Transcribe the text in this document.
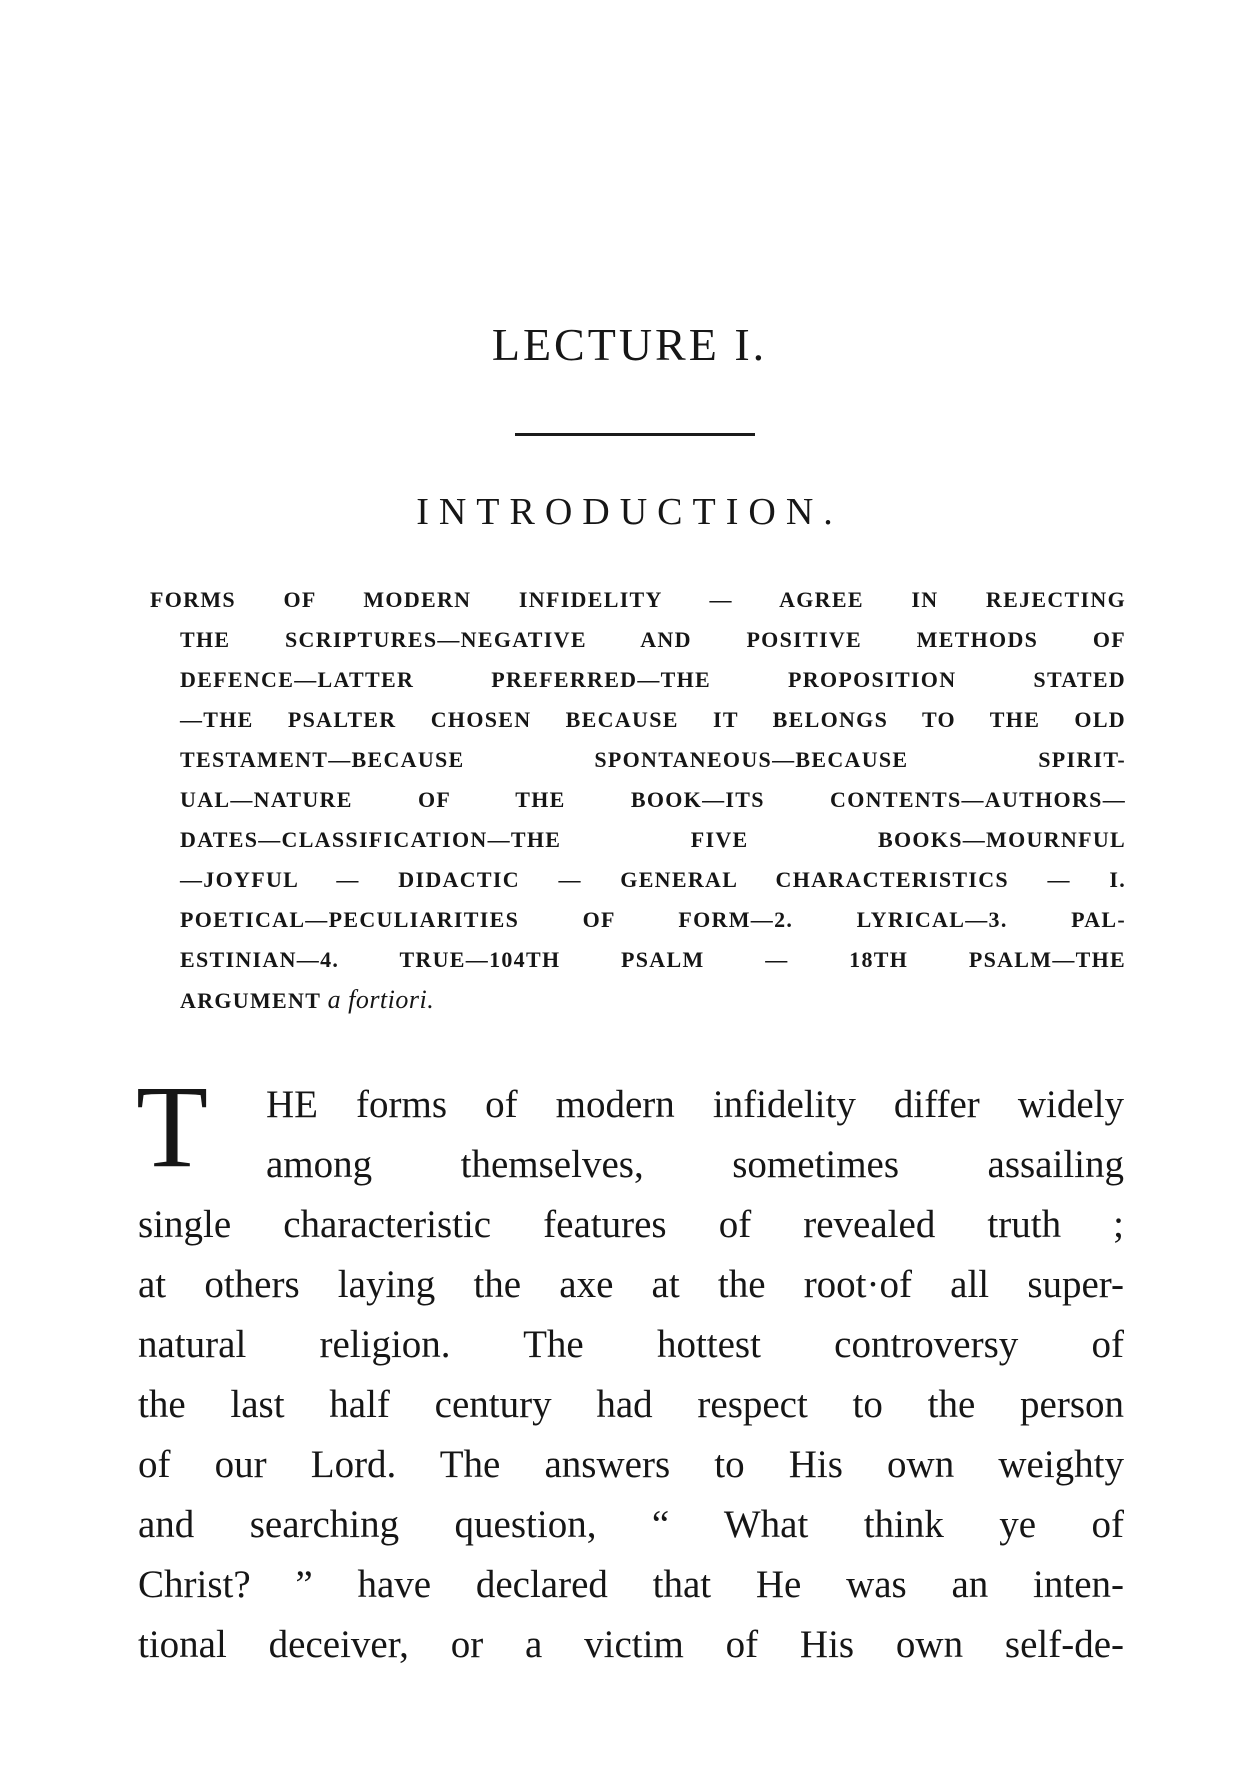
LECTURE I.
INTRODUCTION.
FORMS OF MODERN INFIDELITY — AGREE IN REJECTING
THE SCRIPTURES—NEGATIVE AND POSITIVE METHODS OF
DEFENCE—LATTER PREFERRED—THE PROPOSITION STATED
—THE PSALTER CHOSEN BECAUSE IT BELONGS TO THE OLD
TESTAMENT—BECAUSE SPONTANEOUS—BECAUSE SPIRIT-
UAL—NATURE OF THE BOOK—ITS CONTENTS—AUTHORS—
DATES—CLASSIFICATION—THE FIVE BOOKS—MOURNFUL
—JOYFUL — DIDACTIC — GENERAL CHARACTERISTICS — I.
POETICAL—PECULIARITIES OF FORM—2. LYRICAL—3. PAL-
ESTINIAN—4. TRUE—104TH PSALM — 18TH PSALM—THE
ARGUMENT a fortiori.
T	HE forms of modern infidelity differ widely
among themselves, sometimes assailing
single characteristic features of revealed truth ;
at others laying the axe at the root·of all super-
natural religion. The hottest controversy of
the last half century had respect to the person
of our Lord. The answers to His own weighty
and searching question, “ What think ye of
Christ? ” have declared that He was an inten-
tional deceiver, or a victim of His own self-de-
